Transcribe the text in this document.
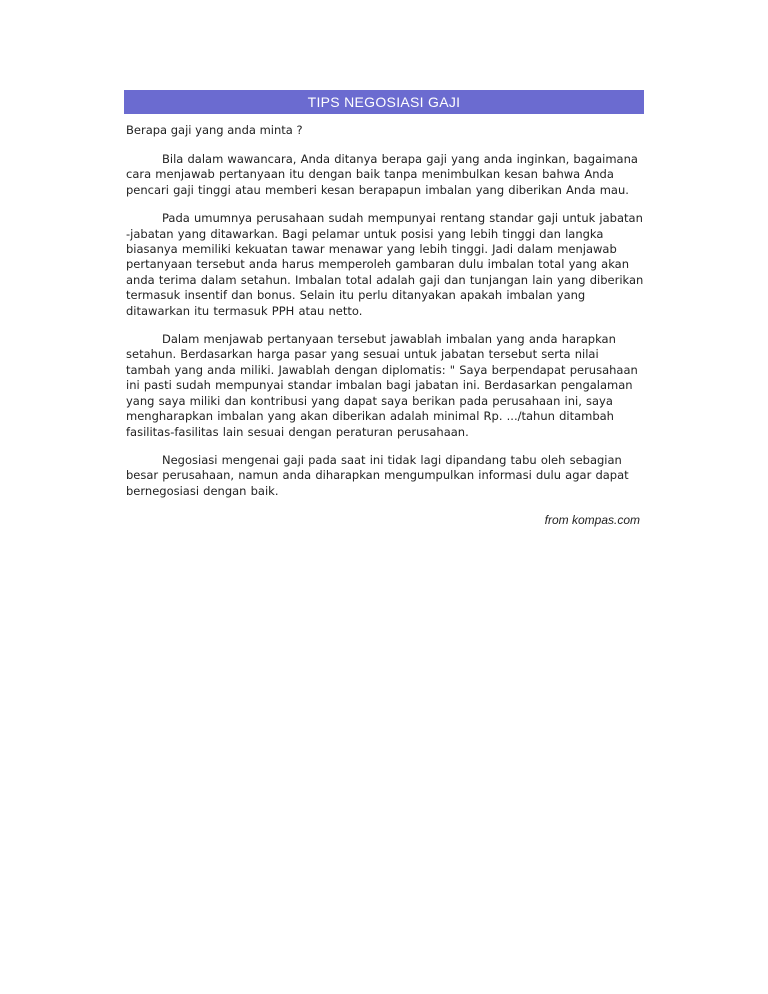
TIPS NEGOSIASI GAJI

Berapa gaji yang anda minta ?

Bila dalam wawancara, Anda ditanya berapa gaji yang anda inginkan, bagaimana cara menjawab pertanyaan itu dengan baik tanpa menimbulkan kesan bahwa Anda pencari gaji tinggi atau memberi kesan berapapun imbalan yang diberikan Anda mau.

Pada umumnya perusahaan sudah mempunyai rentang standar gaji untuk jabatan -jabatan yang ditawarkan. Bagi pelamar untuk posisi yang lebih tinggi dan langka biasanya memiliki kekuatan tawar menawar yang lebih tinggi. Jadi dalam menjawab pertanyaan tersebut anda harus memperoleh gambaran dulu imbalan total yang akan anda terima dalam setahun. Imbalan total adalah gaji dan tunjangan lain yang diberikan termasuk insentif dan bonus. Selain itu perlu ditanyakan apakah imbalan yang ditawarkan itu termasuk PPH atau netto.

Dalam menjawab pertanyaan tersebut jawablah imbalan yang anda harapkan setahun. Berdasarkan harga pasar yang sesuai untuk jabatan tersebut serta nilai tambah yang anda miliki. Jawablah dengan diplomatis: " Saya berpendapat perusahaan ini pasti sudah mempunyai standar imbalan bagi jabatan ini. Berdasarkan pengalaman yang saya miliki dan kontribusi yang dapat saya berikan pada perusahaan ini, saya mengharapkan imbalan yang akan diberikan adalah minimal Rp. .../tahun ditambah fasilitas-fasilitas lain sesuai dengan peraturan perusahaan.

Negosiasi mengenai gaji pada saat ini tidak lagi dipandang tabu oleh sebagian besar perusahaan, namun anda diharapkan mengumpulkan informasi dulu agar dapat bernegosiasi dengan baik.

from kompas.com
